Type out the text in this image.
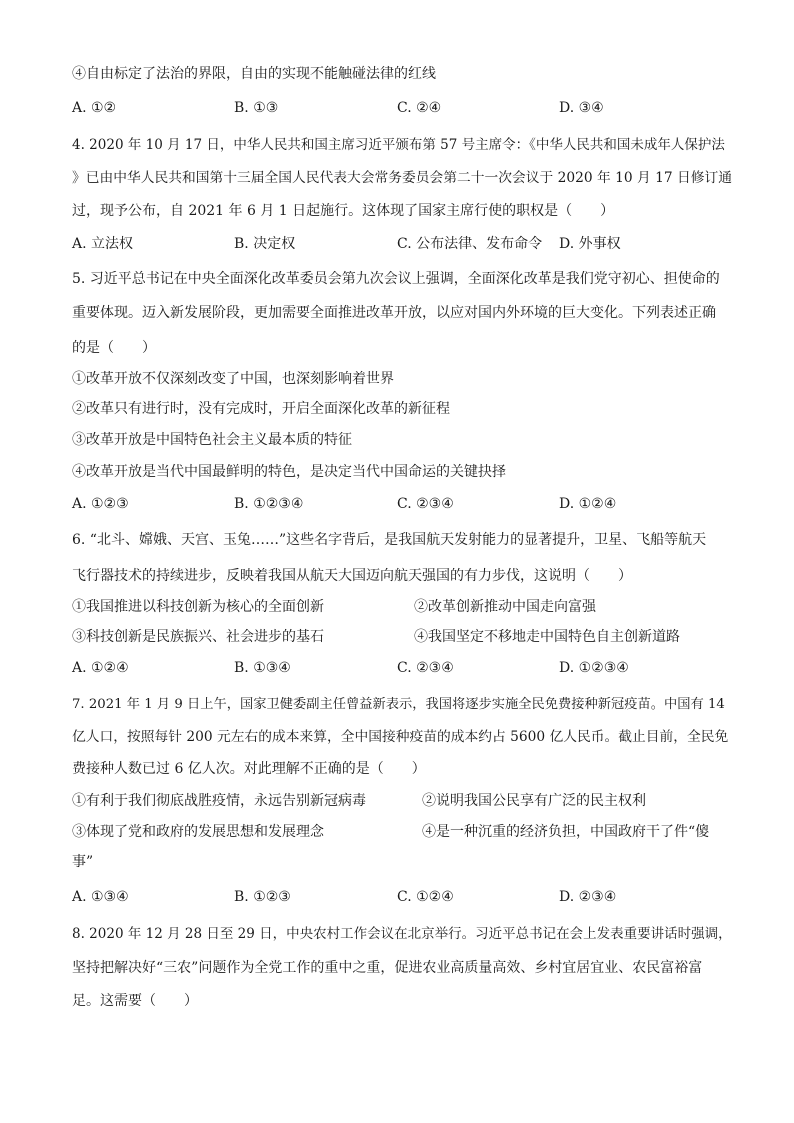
④自由标定了法治的界限，自由的实现不能触碰法律的红线
A. ①②	B. ①③	C. ②④	D. ③④
4. 2020 年 10 月 17 日，中华人民共和国主席习近平颁布第 57 号主席令：《中华人民共和国未成年人保护法
》已由中华人民共和国第十三届全国人民代表大会常务委员会第二十一次会议于 2020 年 10 月 17 日修订通
过，现予公布，自 2021 年 6 月 1 日起施行。这体现了国家主席行使的职权是（　　）
A. 立法权	B. 决定权	C. 公布法律、发布命令 D. 外事权
5. 习近平总书记在中央全面深化改革委员会第九次会议上强调，全面深化改革是我们党守初心、担使命的
重要体现。迈入新发展阶段，更加需要全面推进改革开放，以应对国内外环境的巨大变化。下列表述正确
的是（　　）
①改革开放不仅深刻改变了中国，也深刻影响着世界
②改革只有进行时，没有完成时，开启全面深化改革的新征程
③改革开放是中国特色社会主义最本质的特征
④改革开放是当代中国最鲜明的特色，是决定当代中国命运的关键抉择
A. ①②③	B. ①②③④	C. ②③④	D. ①②④
6. “北斗、嫦娥、天宫、玉兔……”这些名字背后，是我国航天发射能力的显著提升，卫星、飞船等航天
飞行器技术的持续进步，反映着我国从航天大国迈向航天强国的有力步伐，这说明（　　）
①我国推进以科技创新为核心的全面创新	②改革创新推动中国走向富强
③科技创新是民族振兴、社会进步的基石	④我国坚定不移地走中国特色自主创新道路
A. ①②④	B. ①③④	C. ②③④	D. ①②③④
7. 2021 年 1 月 9 日上午，国家卫健委副主任曾益新表示，我国将逐步实施全民免费接种新冠疫苗。中国有 14
亿人口，按照每针 200 元左右的成本来算，全中国接种疫苗的成本约占 5600 亿人民币。截止目前，全民免
费接种人数已过 6 亿人次。对此理解不正确的是（　　）
①有利于我们彻底战胜疫情，永远告别新冠病毒	②说明我国公民享有广泛的民主权利
③体现了党和政府的发展思想和发展理念	④是一种沉重的经济负担，中国政府干了件“傻
事”
A. ①③④	B. ①②③	C. ①②④	D. ②③④
8. 2020 年 12 月 28 日至 29 日，中央农村工作会议在北京举行。习近平总书记在会上发表重要讲话时强调，
坚持把解决好“三农”问题作为全党工作的重中之重，促进农业高质量高效、乡村宜居宜业、农民富裕富
足。这需要（　　）
